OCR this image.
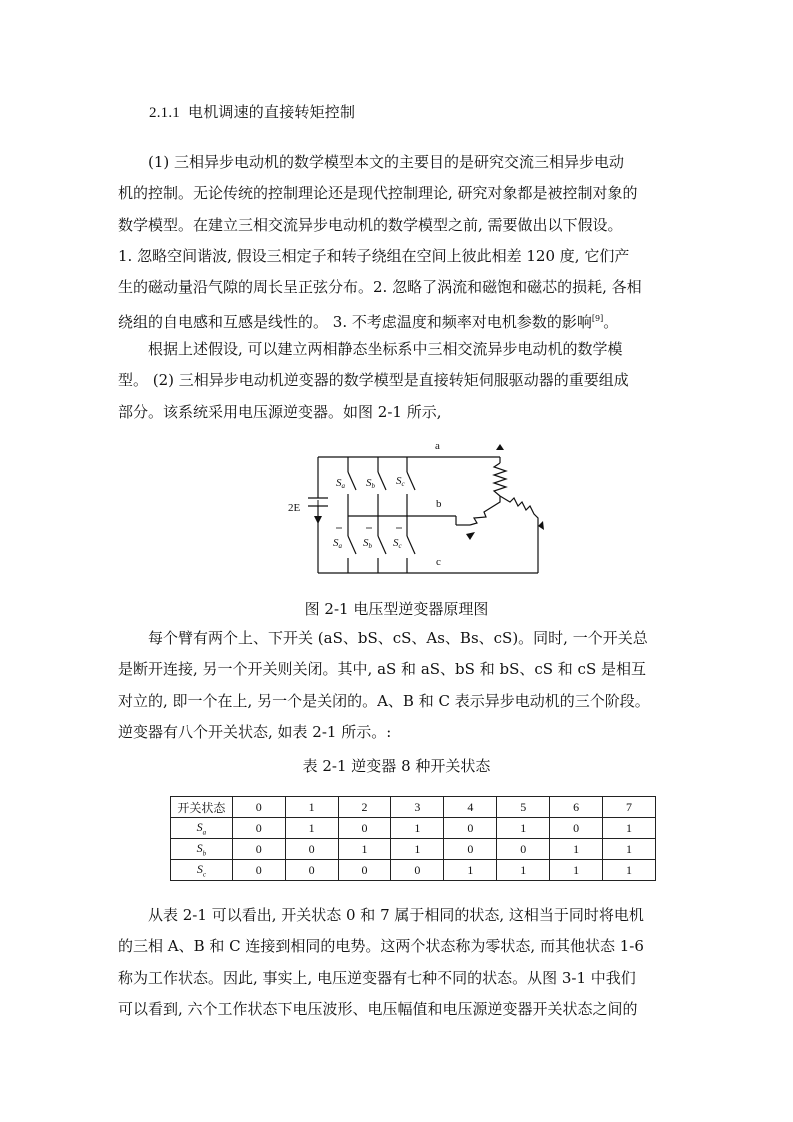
2.1.1 电机调速的直接转矩控制

(1) 三相异步电动机的数学模型本文的主要目的是研究交流三相异步电动
机的控制。无论传统的控制理论还是现代控制理论, 研究对象都是被控制对象的
数学模型。在建立三相交流异步电动机的数学模型之前, 需要做出以下假设。
1. 忽略空间谐波, 假设三相定子和转子绕组在空间上彼此相差 120 度, 它们产
生的磁动量沿气隙的周长呈正弦分布。2. 忽略了涡流和磁饱和磁芯的损耗, 各相
绕组的自电感和互感是线性的。 3. 不考虑温度和频率对电机参数的影响[9]。

根据上述假设, 可以建立两相静态坐标系中三相交流异步电动机的数学模
型。 (2) 三相异步电动机逆变器的数学模型是直接转矩伺服驱动器的重要组成
部分。该系统采用电压源逆变器。如图 2-1 所示,

a
b
c
2E
Sa Sb Sc
Sa Sb Sc
图 2-1 电压型逆变器原理图

每个臂有两个上、下开关 (aS、bS、cS、As、Bs、cS)。同时, 一个开关总
是断开连接, 另一个开关则关闭。其中, aS 和 aS、bS 和 bS、cS 和 cS 是相互
对立的, 即一个在上, 另一个是关闭的。A、B 和 C 表示异步电动机的三个阶段。
逆变器有八个开关状态, 如表 2-1 所示。:

表 2-1 逆变器 8 种开关状态
开关状态	0	1	2	3	4	5	6	7
$S_a$	0	1	0	1	0	1	0	1
$S_b$	0	0	1	1	0	0	1	1
$S_c$	0	0	0	0	1	1	1	1

从表 2-1 可以看出, 开关状态 0 和 7 属于相同的状态, 这相当于同时将电机
的三相 A、B 和 C 连接到相同的电势。这两个状态称为零状态, 而其他状态 1-6
称为工作状态。因此, 事实上, 电压逆变器有七种不同的状态。从图 3-1 中我们
可以看到, 六个工作状态下电压波形、电压幅值和电压源逆变器开关状态之间的
